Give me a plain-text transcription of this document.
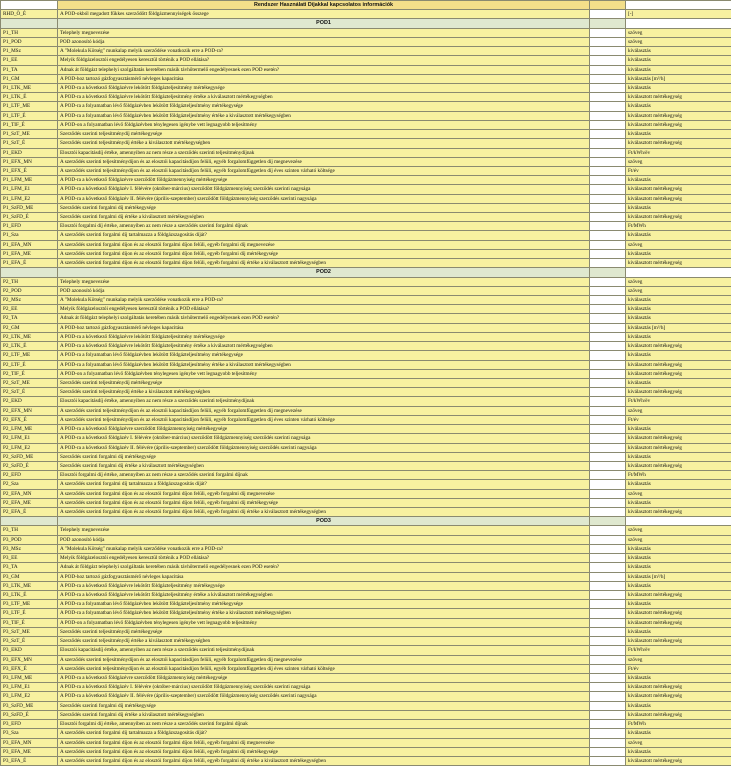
	Rendszer Használati Díjakkal kapcsolatos információk		
RHD_Ö_É	A POD-okból megadott fűkkes szerződött földgázmennyiségek összege		[-]
	POD1		
P1_TH	Telephely megnevezése		szöveg
P1_POD	POD azonosító kódja		szöveg
P1_MSz	A "Molekula Kötség" munkalap melyik szerződése vonatkozik erre a POD-ra?		kiválasztás
P1_EE	Melyik földgázelosztói engedélyesen keresztül történik a POD ellátása?		kiválasztás
P1_TA	Adnak át földgázt telephelyi szolgáltatás keretében másik távhőtermelő engedélyesnek ezen POD esetén?		kiválasztás
P1_GM	A POD-hoz tartozó gázfogyasztásmérő névleges kapacitása		kiválasztás [m³/h]
P1_LTK_ME	A POD-ra a következő földgázévre lekötött földgázteljesítmény mértékegysége		kiválasztás
P1_LTK_É	A POD-ra a következő földgázévre lekötött földgázteljesítmény értéke a kiválasztott mértékegységben		kiválasztott mértékegység
P1_LTF_ME	A POD-ra a folyamatban lévő földgázévben lekötött földgázteljesítmény mértékegysége		kiválasztás
P1_LTF_É	A POD-ra a folyamatban lévő földgázévben lekötött földgázteljesítmény értéke a kiválasztott mértékegységben		kiválasztott mértékegység
P1_TIF_É	A POD-on a folyamatban lévő földgázévben ténylegesen igénybe vett legnagyobb teljesítmény		kiválasztott mértékegység
P1_SzT_ME	Szerződés szerinti teljesítménydíj mértékegysége		kiválasztás
P1_SzT_É	Szerződés szerinti teljesítménydíj értéke a kiválasztott mértékegységben		kiválasztott mértékegység
P1_EKD	Elosztói kapacitásdíj értéke, amennyiben az nem része a szerződés szerinti teljesítménydíjnak		Ft/kWh/év
P1_EFX_MN	A szerződés szerinti teljesítménydíjon és az elosztói kapacitásdíjon felüli, egyéb forgalomfüggetlen díj megnevezése		szöveg
P1_EFX_É	A szerződés szerinti teljesítménydíjon és az elosztói kapacitásdíjon felüli, egyéb forgalomfüggetlen díj éves szinten várható költsége		Ft/év
P1_LFM_ME	A POD-ra a következő földgázévre szerződött földgázmennyiség mértékegysége		kiválasztás
P1_LFM_E1	A POD-ra a következő földgázév I. félévére (október-március) szerződött földgázmennyiség szerződés szerinti nagysága		kiválasztott mértékegység
P1_LFM_E2	A POD-ra a következő földgázév II. félévére (április-szeptember) szerződött földgázmennyiség szerződés szerinti nagysága		kiválasztott mértékegység
P1_SzFD_ME	Szerződés szerinti forgalmi díj mértékegysége		kiválasztás
P1_SzFD_É	Szerződés szerinti forgalmi díj értéke a kiválasztott mértékegységben		kiválasztott mértékegység
P1_EFD	Elosztói forgalmi díj értéke, amennyiben az nem része a szerződés szerinti forgalmi díjnak		Ft/MWh
P1_Sza	A szerződés szerinti forgalmi díj tartalmazza a földgázszagosítás díját?		kiválasztás
P1_EFA_MN	A szerződés szerinti forgalmi díjon és az elosztói forgalmi díjon felüli, egyéb forgalmi díj megnevezése		szöveg
P1_EFA_ME	A szerződés szerinti forgalmi díjon és az elosztói forgalmi díjon felüli, egyéb forgalmi díj mértékegysége		kiválasztás
P1_EFA_É	A szerződés szerinti forgalmi díjon és az elosztói forgalmi díjon felüli, egyéb forgalmi díj értéke a kiválasztott mértékegységben		kiválasztott mértékegység
	POD2		
P2_TH	Telephely megnevezése		szöveg
P2_POD	POD azonosító kódja		szöveg
P2_MSz	A "Molekula Kötség" munkalap melyik szerződése vonatkozik erre a POD-ra?		kiválasztás
P2_EE	Melyik földgázelosztói engedélyesen keresztül történik a POD ellátása?		kiválasztás
P2_TA	Adnak át földgázt telephelyi szolgáltatás keretében másik távhőtermelő engedélyesnek ezen POD esetén?		kiválasztás
P2_GM	A POD-hoz tartozó gázfogyasztásmérő névleges kapacitása		kiválasztás [m³/h]
P2_LTK_ME	A POD-ra a következő földgázévre lekötött földgázteljesítmény mértékegysége		kiválasztás
P2_LTK_É	A POD-ra a következő földgázévre lekötött földgázteljesítmény értéke a kiválasztott mértékegységben		kiválasztott mértékegység
P2_LTF_ME	A POD-ra a folyamatban lévő földgázévben lekötött földgázteljesítmény mértékegysége		kiválasztás
P2_LTF_É	A POD-ra a folyamatban lévő földgázévben lekötött földgázteljesítmény értéke a kiválasztott mértékegységben		kiválasztott mértékegység
P2_TIF_É	A POD-on a folyamatban lévő földgázévben ténylegesen igénybe vett legnagyobb teljesítmény		kiválasztott mértékegység
P2_SzT_ME	Szerződés szerinti teljesítménydíj mértékegysége		kiválasztás
P2_SzT_É	Szerződés szerinti teljesítménydíj értéke a kiválasztott mértékegységben		kiválasztott mértékegység
P2_EKD	Elosztói kapacitásdíj értéke, amennyiben az nem része a szerződés szerinti teljesítménydíjnak		Ft/kWh/év
P2_EFX_MN	A szerződés szerinti teljesítménydíjon és az elosztói kapacitásdíjon felüli, egyéb forgalomfüggetlen díj megnevezése		szöveg
P2_EFX_É	A szerződés szerinti teljesítménydíjon és az elosztói kapacitásdíjon felüli, egyéb forgalomfüggetlen díj éves szinten várható költsége		Ft/év
P2_LFM_ME	A POD-ra a következő földgázévre szerződött földgázmennyiség mértékegysége		kiválasztás
P2_LFM_E1	A POD-ra a következő földgázév I. félévére (október-március) szerződött földgázmennyiség szerződés szerinti nagysága		kiválasztott mértékegység
P2_LFM_E2	A POD-ra a következő földgázév II. félévére (április-szeptember) szerződött földgázmennyiség szerződés szerinti nagysága		kiválasztott mértékegység
P2_SzFD_ME	Szerződés szerinti forgalmi díj mértékegysége		kiválasztás
P2_SzFD_É	Szerződés szerinti forgalmi díj értéke a kiválasztott mértékegységben		kiválasztott mértékegység
P2_EFD	Elosztói forgalmi díj értéke, amennyiben az nem része a szerződés szerinti forgalmi díjnak		Ft/MWh
P2_Sza	A szerződés szerinti forgalmi díj tartalmazza a földgázszagosítás díját?		kiválasztás
P2_EFA_MN	A szerződés szerinti forgalmi díjon és az elosztói forgalmi díjon felüli, egyéb forgalmi díj megnevezése		szöveg
P2_EFA_ME	A szerződés szerinti forgalmi díjon és az elosztói forgalmi díjon felüli, egyéb forgalmi díj mértékegysége		kiválasztás
P2_EFA_É	A szerződés szerinti forgalmi díjon és az elosztói forgalmi díjon felüli, egyéb forgalmi díj értéke a kiválasztott mértékegységben		kiválasztott mértékegység
	POD3		
P3_TH	Telephely megnevezése		szöveg
P3_POD	POD azonosító kódja		szöveg
P3_MSz	A "Molekula Kötség" munkalap melyik szerződése vonatkozik erre a POD-ra?		kiválasztás
P3_EE	Melyik földgázelosztói engedélyesen keresztül történik a POD ellátása?		kiválasztás
P3_TA	Adnak át földgázt telephelyi szolgáltatás keretében másik távhőtermelő engedélyesnek ezen POD esetén?		kiválasztás
P3_GM	A POD-hoz tartozó gázfogyasztásmérő névleges kapacitása		kiválasztás [m³/h]
P3_LTK_ME	A POD-ra a következő földgázévre lekötött földgázteljesítmény mértékegysége		kiválasztás
P3_LTK_É	A POD-ra a következő földgázévre lekötött földgázteljesítmény értéke a kiválasztott mértékegységben		kiválasztott mértékegység
P3_LTF_ME	A POD-ra a folyamatban lévő földgázévben lekötött földgázteljesítmény mértékegysége		kiválasztás
P3_LTF_É	A POD-ra a folyamatban lévő földgázévben lekötött földgázteljesítmény értéke a kiválasztott mértékegységben		kiválasztott mértékegység
P3_TIF_É	A POD-on a folyamatban lévő földgázévben ténylegesen igénybe vett legnagyobb teljesítmény		kiválasztott mértékegység
P3_SzT_ME	Szerződés szerinti teljesítménydíj mértékegysége		kiválasztás
P3_SzT_É	Szerződés szerinti teljesítménydíj értéke a kiválasztott mértékegységben		kiválasztott mértékegység
P3_EKD	Elosztói kapacitásdíj értéke, amennyiben az nem része a szerződés szerinti teljesítménydíjnak		Ft/kWh/év
P3_EFX_MN	A szerződés szerinti teljesítménydíjon és az elosztói kapacitásdíjon felüli, egyéb forgalomfüggetlen díj megnevezése		szöveg
P3_EFX_É	A szerződés szerinti teljesítménydíjon és az elosztói kapacitásdíjon felüli, egyéb forgalomfüggetlen díj éves szinten várható költsége		Ft/év
P3_LFM_ME	A POD-ra a következő földgázévre szerződött földgázmennyiség mértékegysége		kiválasztás
P3_LFM_E1	A POD-ra a következő földgázév I. félévére (október-március) szerződött földgázmennyiség szerződés szerinti nagysága		kiválasztott mértékegység
P3_LFM_E2	A POD-ra a következő földgázév II. félévére (április-szeptember) szerződött földgázmennyiség szerződés szerinti nagysága		kiválasztott mértékegység
P3_SzFD_ME	Szerződés szerinti forgalmi díj mértékegysége		kiválasztás
P3_SzFD_É	Szerződés szerinti forgalmi díj értéke a kiválasztott mértékegységben		kiválasztott mértékegység
P3_EFD	Elosztói forgalmi díj értéke, amennyiben az nem része a szerződés szerinti forgalmi díjnak		Ft/MWh
P3_Sza	A szerződés szerinti forgalmi díj tartalmazza a földgázszagosítás díját?		kiválasztás
P3_EFA_MN	A szerződés szerinti forgalmi díjon és az elosztói forgalmi díjon felüli, egyéb forgalmi díj megnevezése		szöveg
P3_EFA_ME	A szerződés szerinti forgalmi díjon és az elosztói forgalmi díjon felüli, egyéb forgalmi díj mértékegysége		kiválasztás
P3_EFA_É	A szerződés szerinti forgalmi díjon és az elosztói forgalmi díjon felüli, egyéb forgalmi díj értéke a kiválasztott mértékegységben		kiválasztott mértékegység
